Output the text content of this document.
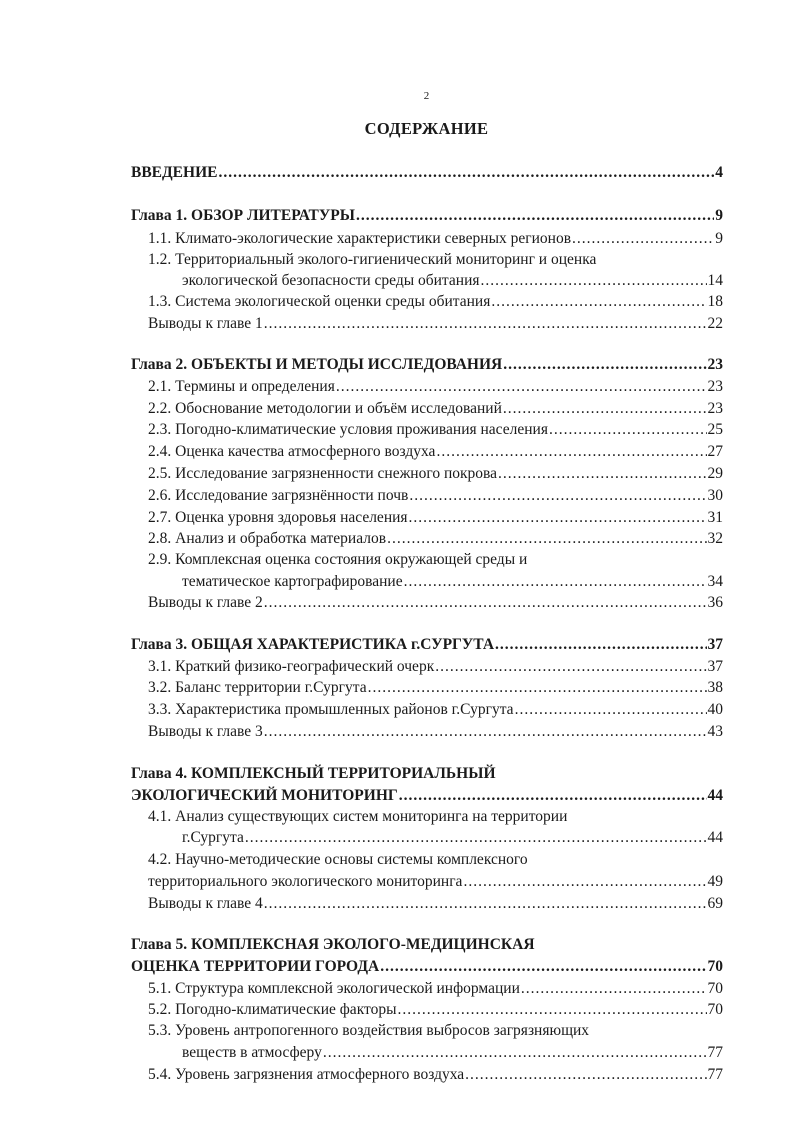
2
СОДЕРЖАНИЕ
ВВЕДЕНИЕ .....	4
Глава 1. ОБЗОР ЛИТЕРАТУРЫ .....	9
1.1. Климато-экологические характеристики северных регионов .....	9
1.2. Территориальный эколого-гигиенический мониторинг и оценка
экологической безопасности среды обитания .....	14
1.3. Система экологической оценки среды обитания .....	18
Выводы к главе 1 .....	22
Глава 2. ОБЪЕКТЫ И МЕТОДЫ ИССЛЕДОВАНИЯ .....	23
2.1. Термины и определения .....	23
2.2. Обоснование методологии и объём исследований .....	23
2.3. Погодно-климатические условия проживания населения .....	25
2.4. Оценка качества атмосферного воздуха .....	27
2.5. Исследование загрязненности снежного покрова .....	29
2.6. Исследование загрязнённости почв .....	30
2.7. Оценка уровня здоровья населения .....	31
2.8. Анализ и обработка материалов .....	32
2.9. Комплексная оценка состояния окружающей среды и
тематическое картографирование .....	34
Выводы к главе 2 .....	36
Глава 3. ОБЩАЯ ХАРАКТЕРИСТИКА г.СУРГУТА .....	37
3.1. Краткий физико-географический очерк .....	37
3.2. Баланс территории г.Сургута .....	38
3.3. Характеристика промышленных районов г.Сургута .....	40
Выводы к главе 3 .....	43
Глава 4. КОМПЛЕКСНЫЙ ТЕРРИТОРИАЛЬНЫЙ
ЭКОЛОГИЧЕСКИЙ МОНИТОРИНГ .....	44
4.1. Анализ существующих систем мониторинга на территории
г.Сургута .....	44
4.2. Научно-методические основы системы комплексного
территориального экологического мониторинга .....	49
Выводы к главе 4 .....	69
Глава 5. КОМПЛЕКСНАЯ ЭКОЛОГО-МЕДИЦИНСКАЯ
ОЦЕНКА ТЕРРИТОРИИ ГОРОДА .....	70
5.1. Структура комплексной экологической информации .....	70
5.2. Погодно-климатические факторы .....	70
5.3. Уровень антропогенного воздействия выбросов загрязняющих
веществ в атмосферу .....	77
5.4. Уровень загрязнения атмосферного воздуха .....	77
